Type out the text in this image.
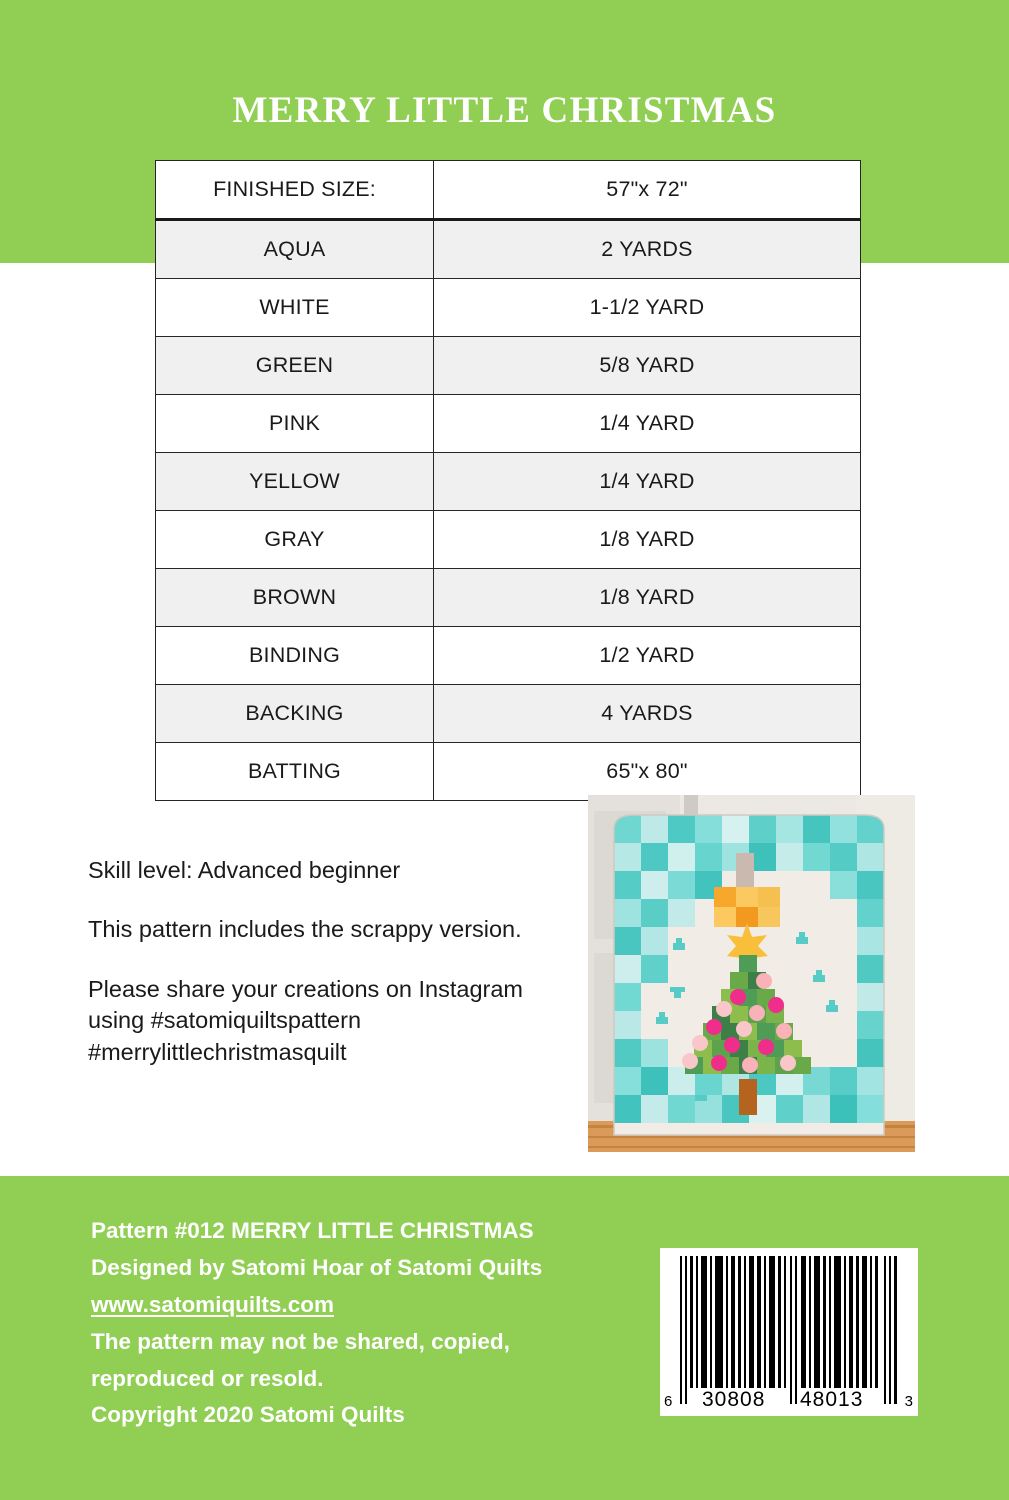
MERRY LITTLE CHRISTMAS
FINISHED SIZE:	57"x 72"
AQUA	2 YARDS
WHITE	1-1/2 YARD
GREEN	5/8 YARD
PINK	1/4 YARD
YELLOW	1/4 YARD
GRAY	1/8 YARD
BROWN	1/8 YARD
BINDING	1/2 YARD
BACKING	4 YARDS
BATTING	65"x 80"

Skill level: Advanced beginner

This pattern includes the scrappy version.

Please share your creations on Instagram using #satomiquiltspattern #merrylittlechristmasquilt

Pattern #012 MERRY LITTLE CHRISTMAS
Designed by Satomi Hoar of Satomi Quilts
www.satomiquilts.com
The pattern may not be shared, copied,
reproduced or resold.
Copyright 2020 Satomi Quilts
6 30808 48013	3
